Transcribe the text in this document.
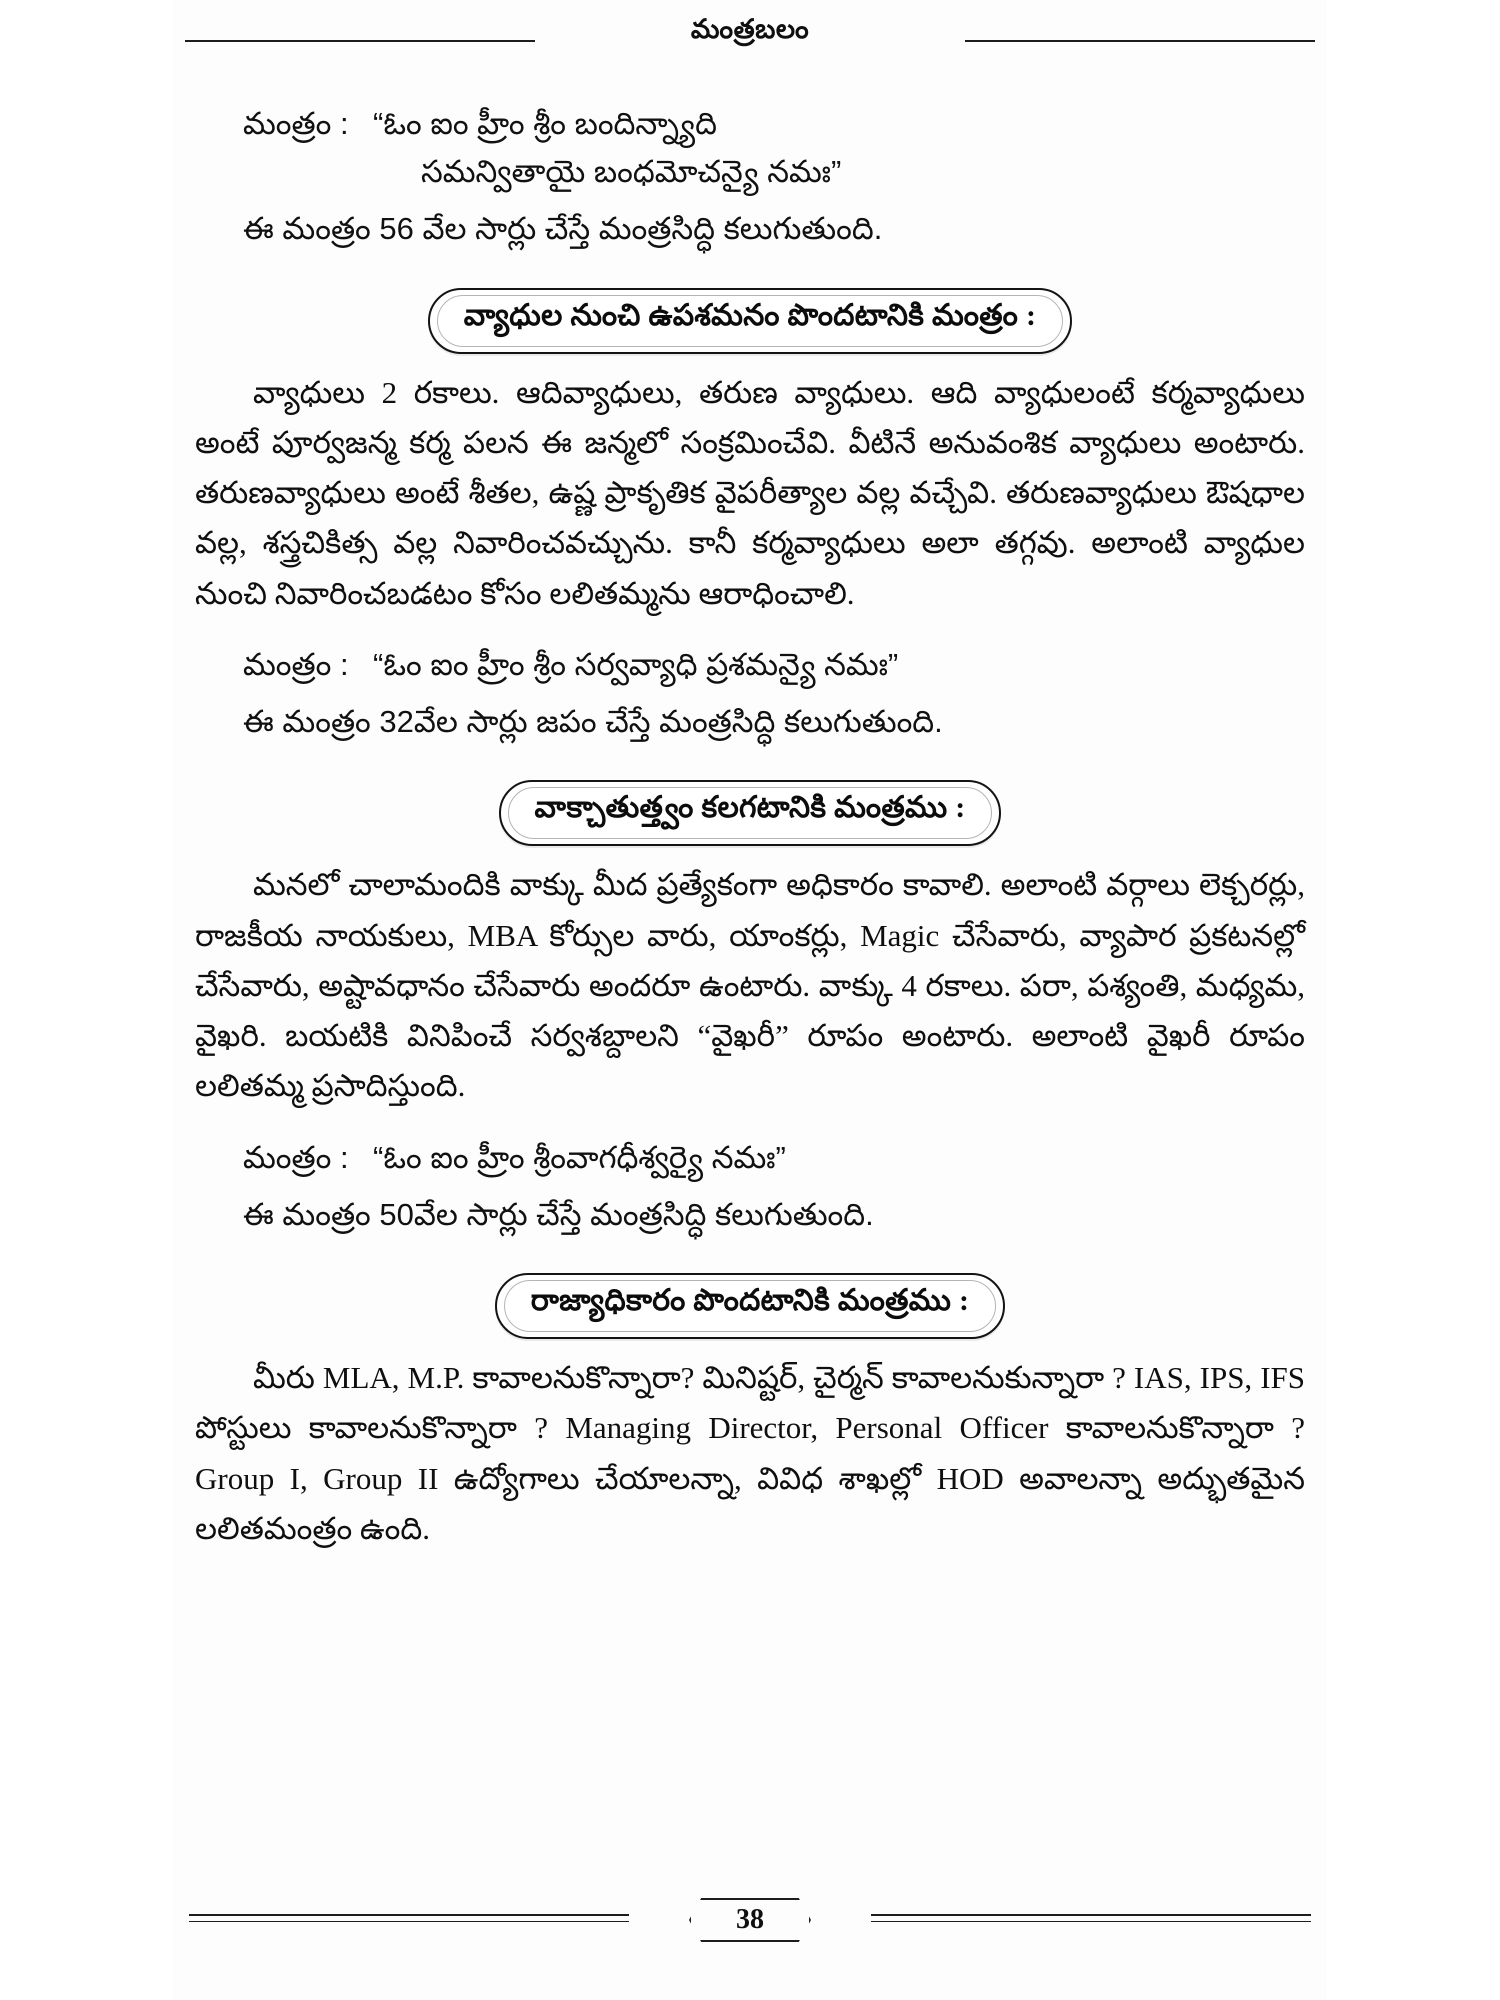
మంత్రబలం
మంత్రం : “ఓం ఐం హ్రీం శ్రీం బందిన్న్యాది
సమన్వితాయై బంధమోచన్యై నమః”
ఈ మంత్రం 56 వేల సార్లు చేస్తే మంత్రసిద్ధి కలుగుతుంది.
వ్యాధుల నుంచి ఉపశమనం పొందటానికి మంత్రం :

వ్యాధులు 2 రకాలు. ఆదివ్యాధులు, తరుణ వ్యాధులు. ఆది వ్యాధులంటే కర్మవ్యాధులు అంటే పూర్వజన్మ కర్మ పలన ఈ జన్మలో సంక్రమించేవి. వీటినే అనువంశిక వ్యాధులు అంటారు. తరుణవ్యాధులు అంటే శీతల, ఉష్ణ ప్రాకృతిక వైపరీత్యాల వల్ల వచ్చేవి. తరుణవ్యాధులు ఔషధాల వల్ల, శస్త్రచికిత్స వల్ల నివారించవచ్చును. కానీ కర్మవ్యాధులు అలా తగ్గవు. అలాంటి వ్యాధుల నుంచి నివారించబడటం కోసం లలితమ్మను ఆరాధించాలి.

మంత్రం : “ఓం ఐం హ్రీం శ్రీం సర్వవ్యాధి ప్రశమన్యై నమః”
ఈ మంత్రం 32వేల సార్లు జపం చేస్తే మంత్రసిద్ధి కలుగుతుంది.
వాక్చాతుత్త్వం కలగటానికి మంత్రము :

మనలో చాలామందికి వాక్కు మీద ప్రత్యేకంగా అధికారం కావాలి. అలాంటి వర్గాలు లెక్చరర్లు, రాజకీయ నాయకులు, MBA కోర్సుల వారు, యాంకర్లు, Magic చేసేవారు, వ్యాపార ప్రకటనల్లో చేసేవారు, అష్టావధానం చేసేవారు అందరూ ఉంటారు. వాక్కు 4 రకాలు. పరా, పశ్యంతి, మధ్యమ, వైఖరి. బయటికి వినిపించే సర్వశబ్దాలని “వైఖరీ” రూపం అంటారు. అలాంటి వైఖరీ రూపం లలితమ్మ ప్రసాదిస్తుంది.

మంత్రం : “ఓం ఐం హ్రీం శ్రీంవాగధీశ్వర్యై నమః”
ఈ మంత్రం 50వేల సార్లు చేస్తే మంత్రసిద్ధి కలుగుతుంది.
రాజ్యాధికారం పొందటానికి మంత్రము :

మీరు MLA, M.P. కావాలనుకొన్నారా? మినిష్టర్, చైర్మన్ కావాలనుకున్నారా ? IAS, IPS, IFS పోస్టులు కావాలనుకొన్నారా ? Managing Director, Personal Officer కావాలనుకొన్నారా ? Group I, Group II ఉద్యోగాలు చేయాలన్నా, వివిధ శాఖల్లో HOD అవాలన్నా అద్భుతమైన లలితమంత్రం ఉంది.

38
